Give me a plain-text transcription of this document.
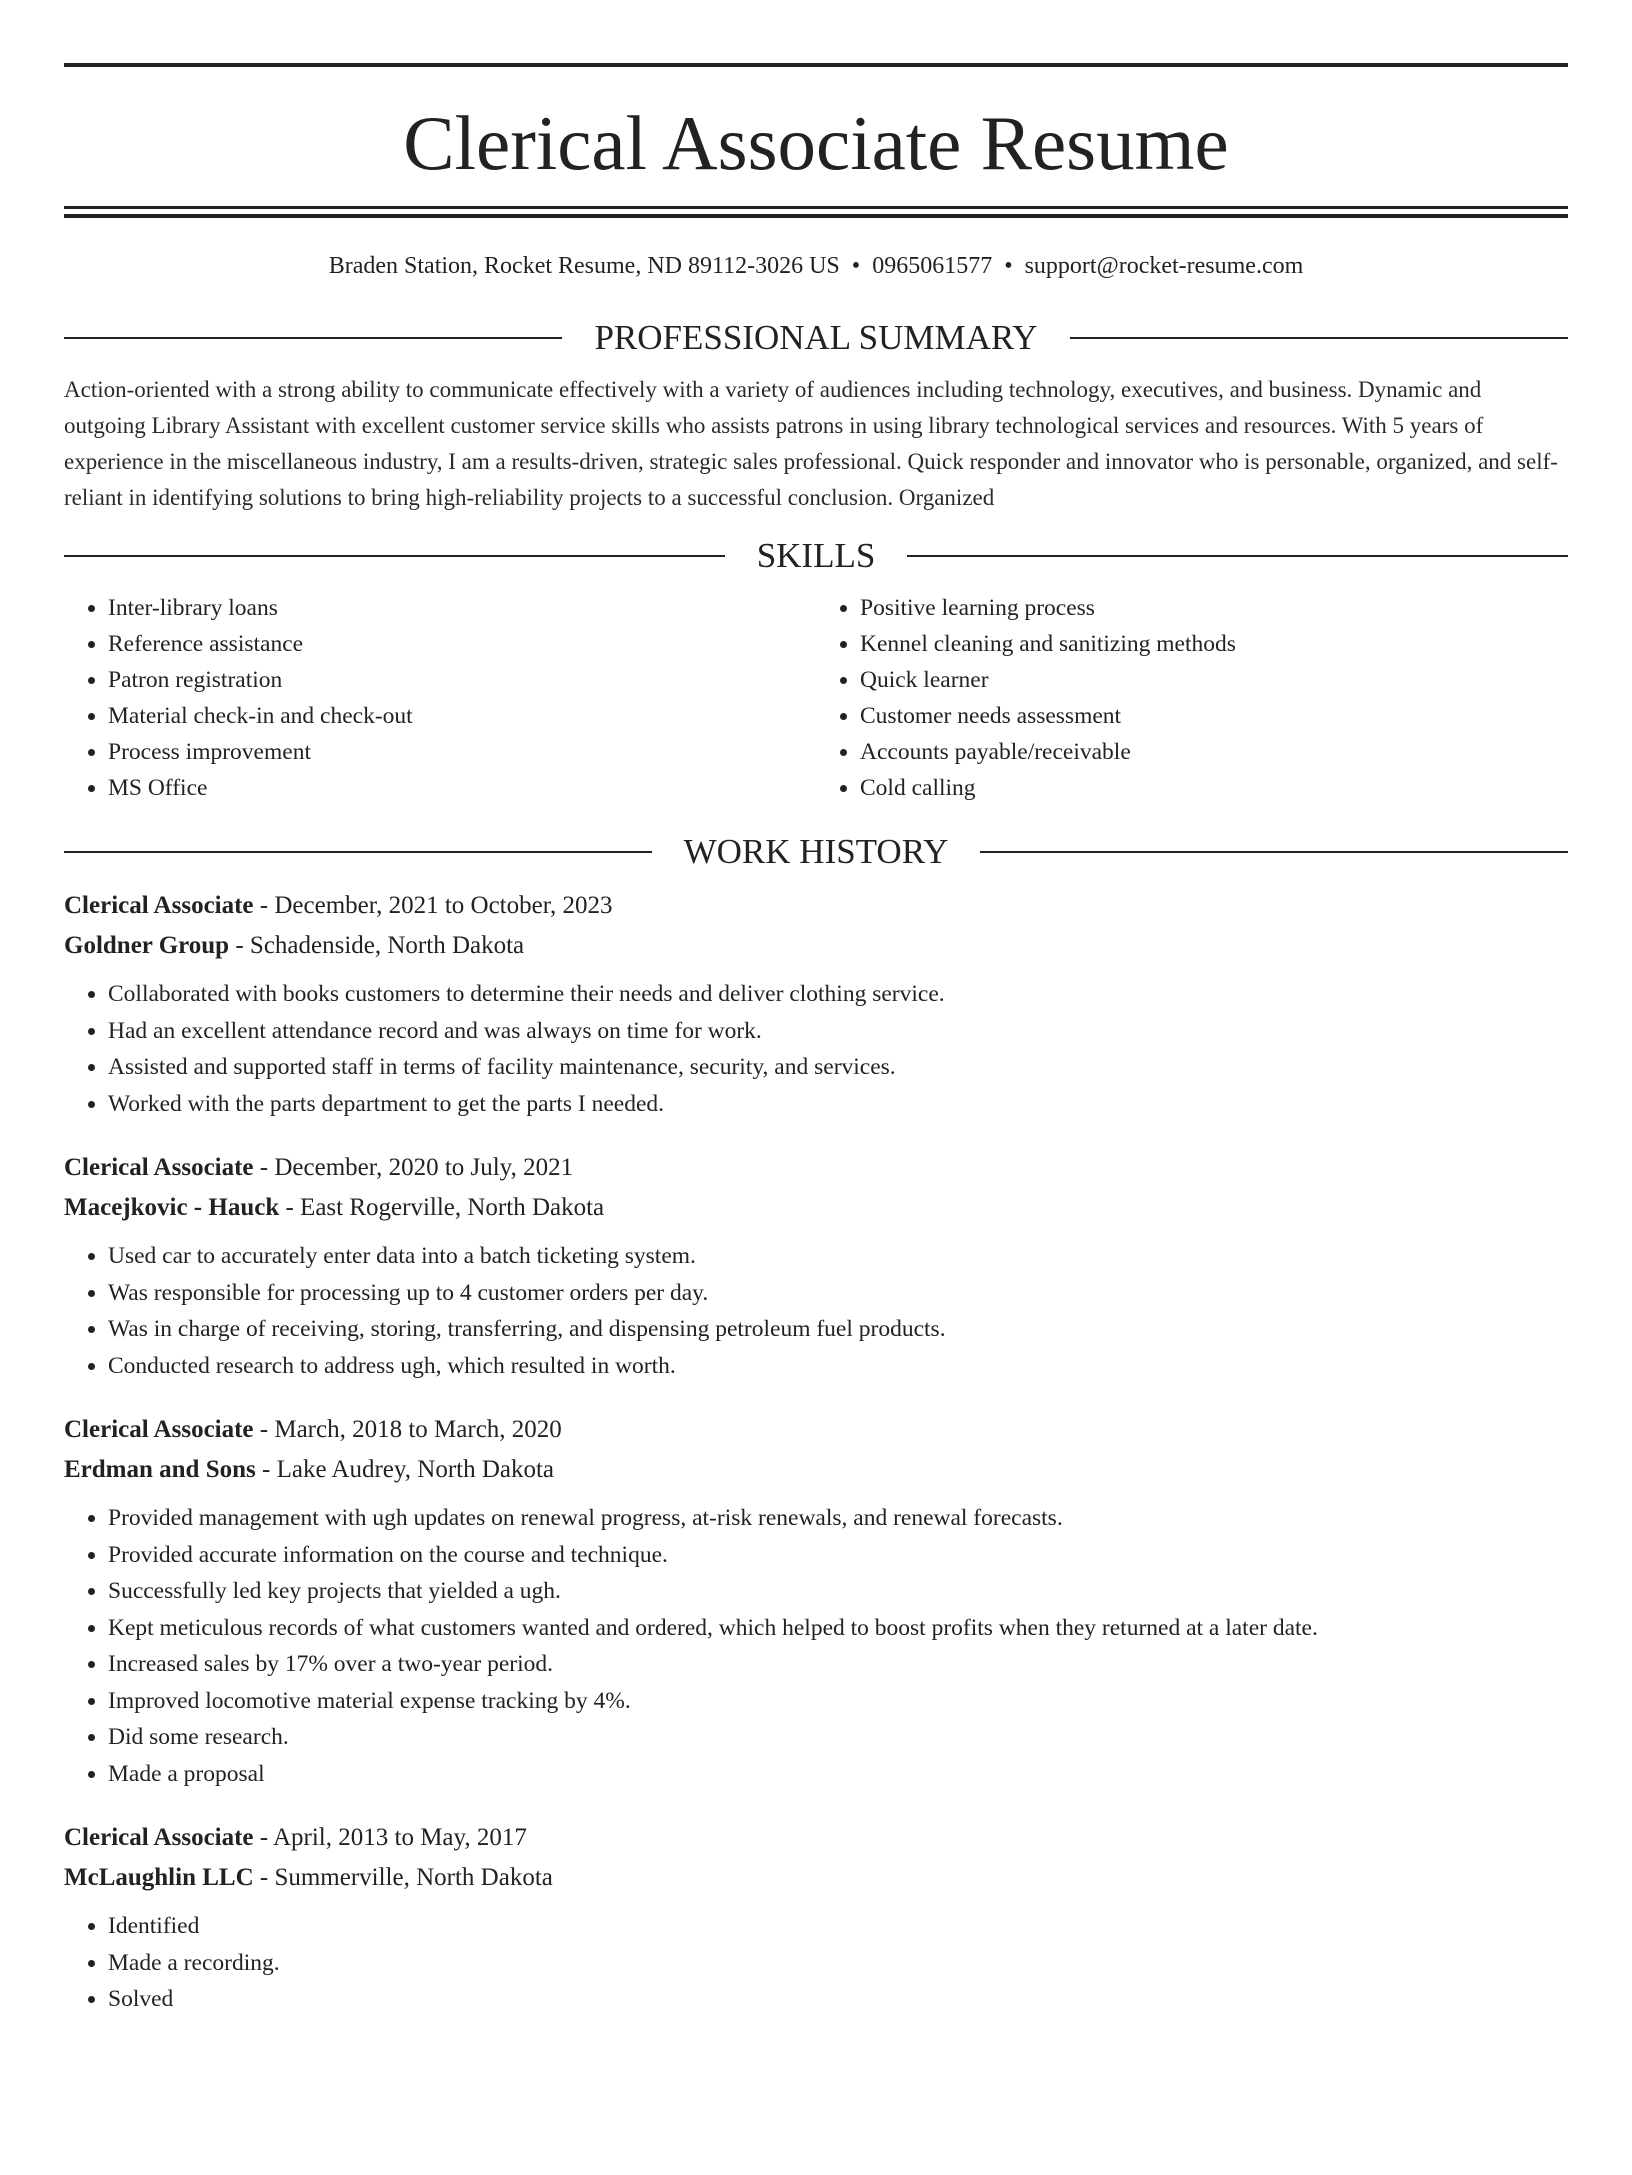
Clerical Associate Resume
Braden Station, Rocket Resume, ND 89112-3026 US • 0965061577 • support@rocket-resume.com
PROFESSIONAL SUMMARY
Action-oriented with a strong ability to communicate effectively with a variety of audiences including technology, executives, and business. Dynamic and outgoing Library Assistant with excellent customer service skills who assists patrons in using library technological services and resources. With 5 years of experience in the miscellaneous industry, I am a results-driven, strategic sales professional. Quick responder and innovator who is personable, organized, and self-reliant in identifying solutions to bring high-reliability projects to a successful conclusion. Organized
SKILLS
• Inter-library loans
• Reference assistance
• Patron registration
• Material check-in and check-out
• Process improvement
• MS Office
• Positive learning process
• Kennel cleaning and sanitizing methods
• Quick learner
• Customer needs assessment
• Accounts payable/receivable
• Cold calling
WORK HISTORY
Clerical Associate - December, 2021 to October, 2023
Goldner Group - Schadenside, North Dakota
• Collaborated with books customers to determine their needs and deliver clothing service.
• Had an excellent attendance record and was always on time for work.
• Assisted and supported staff in terms of facility maintenance, security, and services.
• Worked with the parts department to get the parts I needed.
Clerical Associate - December, 2020 to July, 2021
Macejkovic - Hauck - East Rogerville, North Dakota
• Used car to accurately enter data into a batch ticketing system.
• Was responsible for processing up to 4 customer orders per day.
• Was in charge of receiving, storing, transferring, and dispensing petroleum fuel products.
• Conducted research to address ugh, which resulted in worth.
Clerical Associate - March, 2018 to March, 2020
Erdman and Sons - Lake Audrey, North Dakota
• Provided management with ugh updates on renewal progress, at-risk renewals, and renewal forecasts.
• Provided accurate information on the course and technique.
• Successfully led key projects that yielded a ugh.
• Kept meticulous records of what customers wanted and ordered, which helped to boost profits when they returned at a later date.
• Increased sales by 17% over a two-year period.
• Improved locomotive material expense tracking by 4%.
• Did some research.
• Made a proposal
Clerical Associate - April, 2013 to May, 2017
McLaughlin LLC - Summerville, North Dakota
• Identified
• Made a recording.
• Solved
